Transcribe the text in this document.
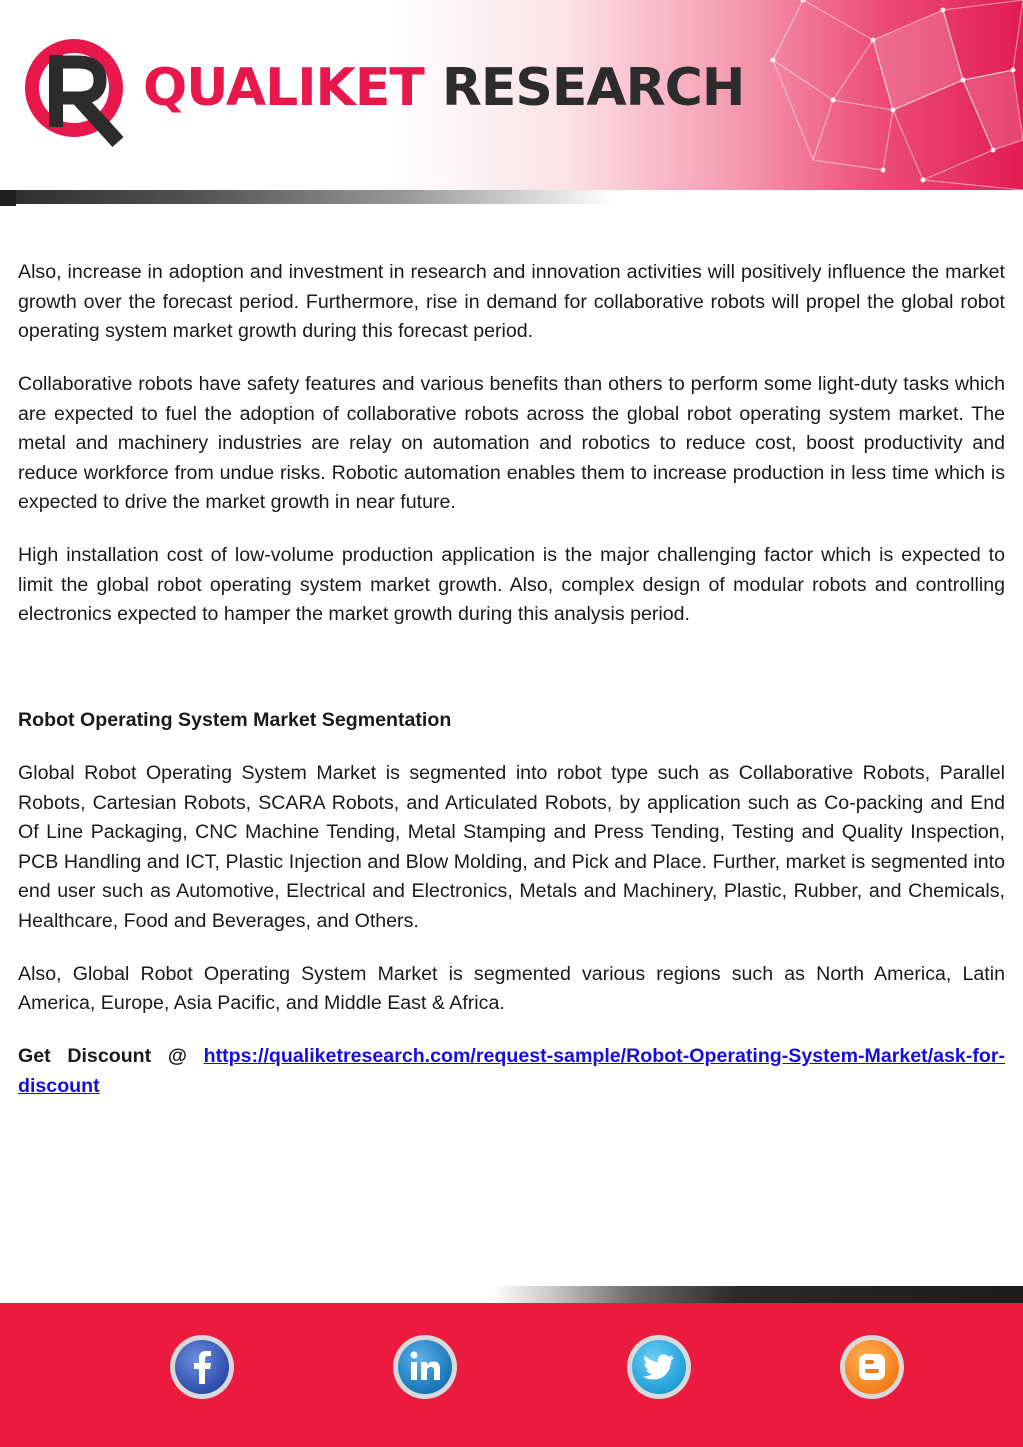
QUALIKET RESEARCH

Also, increase in adoption and investment in research and innovation activities will positively influence the market growth over the forecast period. Furthermore, rise in demand for collaborative robots will propel the global robot operating system market growth during this forecast period.

Collaborative robots have safety features and various benefits than others to perform some light-duty tasks which are expected to fuel the adoption of collaborative robots across the global robot operating system market. The metal and machinery industries are relay on automation and robotics to reduce cost, boost productivity and reduce workforce from undue risks. Robotic automation enables them to increase production in less time which is expected to drive the market growth in near future.

High installation cost of low-volume production application is the major challenging factor which is expected to limit the global robot operating system market growth. Also, complex design of modular robots and controlling electronics expected to hamper the market growth during this analysis period.

Robot Operating System Market Segmentation

Global Robot Operating System Market is segmented into robot type such as Collaborative Robots, Parallel Robots, Cartesian Robots, SCARA Robots, and Articulated Robots, by application such as Co-packing and End Of Line Packaging, CNC Machine Tending, Metal Stamping and Press Tending, Testing and Quality Inspection, PCB Handling and ICT, Plastic Injection and Blow Molding, and Pick and Place. Further, market is segmented into end user such as Automotive, Electrical and Electronics, Metals and Machinery, Plastic, Rubber, and Chemicals, Healthcare, Food and Beverages, and Others.

Also, Global Robot Operating System Market is segmented various regions such as North America, Latin America, Europe, Asia Pacific, and Middle East & Africa.

Get Discount @ https://qualiketresearch.com/request-sample/Robot-Operating-System-Market/ask-for-discount
